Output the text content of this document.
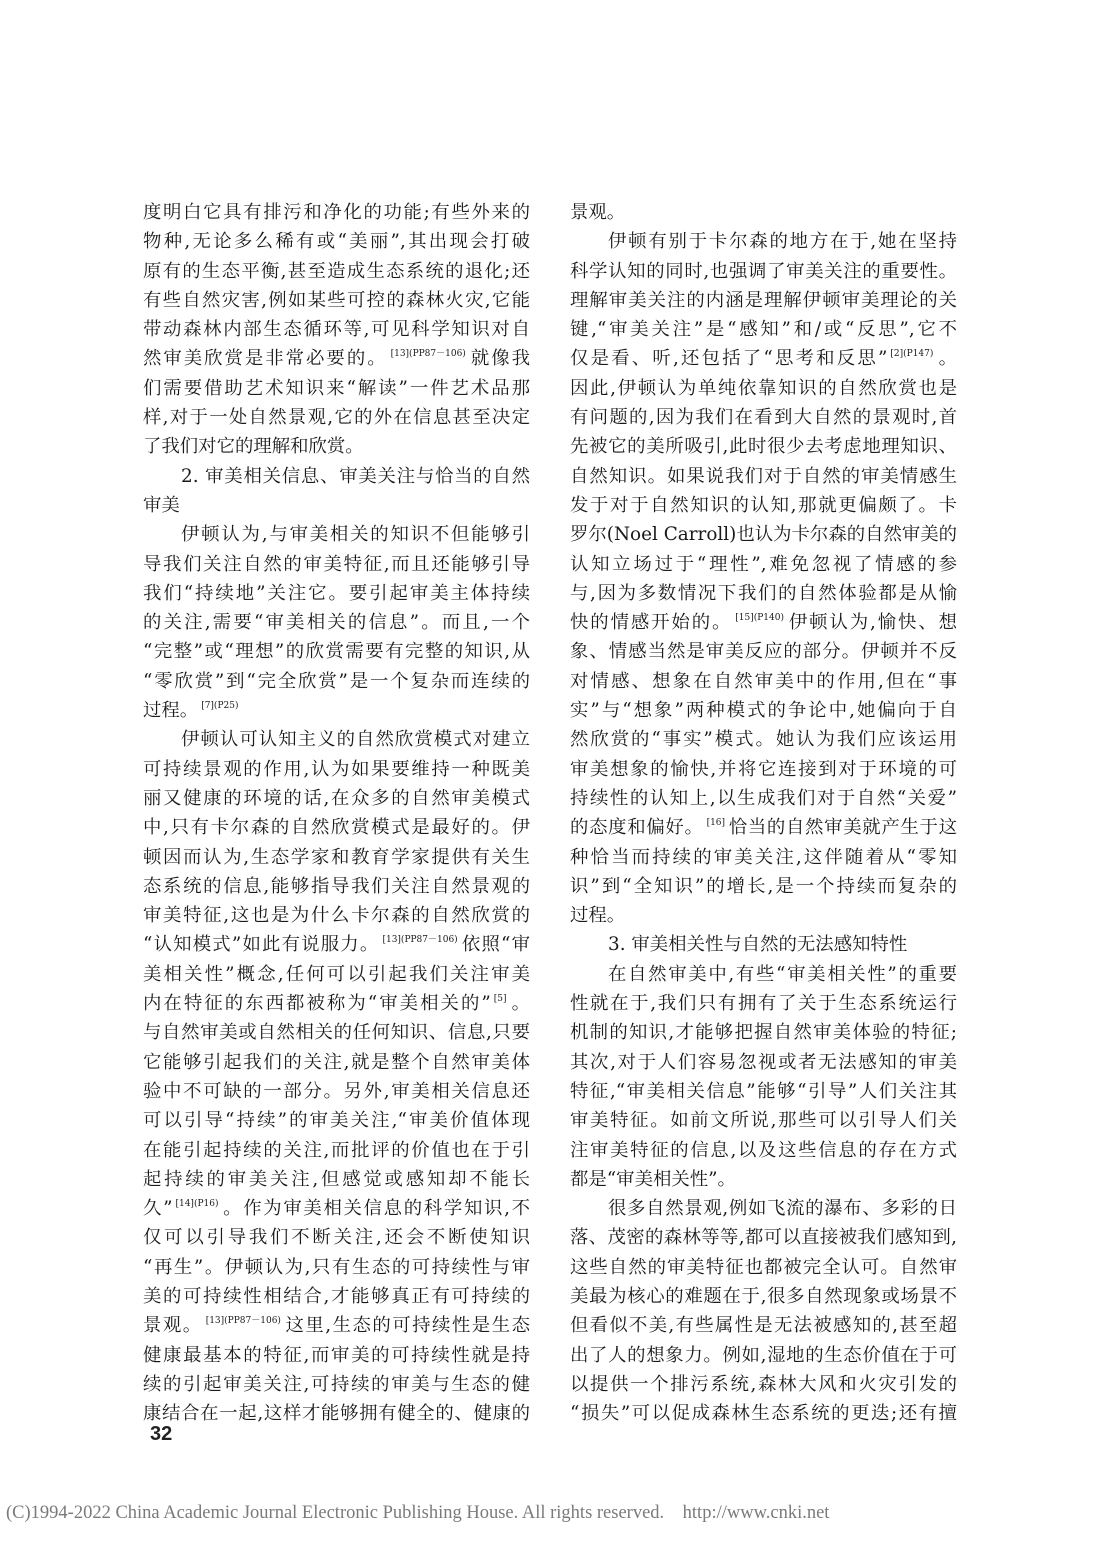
度明白它具有排污和净化的功能;有些外来的
物种,无论多么稀有或“美丽”,其出现会打破
原有的生态平衡,甚至造成生态系统的退化;还
有些自然灾害,例如某些可控的森林火灾,它能
带动森林内部生态循环等,可见科学知识对自
然审美欣赏是非常必要的。 $^{[13](PP87-106)}$ 就像我
们需要借助艺术知识来“解读”一件艺术品那
样,对于一处自然景观,它的外在信息甚至决定
了我们对它的理解和欣赏。
2. 审美相关信息、审美关注与恰当的自然
审美
伊顿认为,与审美相关的知识不但能够引
导我们关注自然的审美特征,而且还能够引导
我们“持续地”关注它。要引起审美主体持续
的关注,需要“审美相关的信息”。而且,一个
“完整”或“理想”的欣赏需要有完整的知识,从
“零欣赏”到“完全欣赏”是一个复杂而连续的
过程。 $^{[7](P25)}$
伊顿认可认知主义的自然欣赏模式对建立
可持续景观的作用,认为如果要维持一种既美
丽又健康的环境的话,在众多的自然审美模式
中,只有卡尔森的自然欣赏模式是最好的。伊
顿因而认为,生态学家和教育学家提供有关生
态系统的信息,能够指导我们关注自然景观的
审美特征,这也是为什么卡尔森的自然欣赏的
“认知模式”如此有说服力。 $^{[13](PP87-106)}$ 依照“审
美相关性”概念,任何可以引起我们关注审美
内在特征的东西都被称为“审美相关的” [5] 。
与自然审美或自然相关的任何知识、信息,只要
它能够引起我们的关注,就是整个自然审美体
验中不可缺的一部分。另外,审美相关信息还
可以引导“持续”的审美关注,“审美价值体现
在能引起持续的关注,而批评的价值也在于引
起持续的审美关注,但感觉或感知却不能长
久” $^{[14](P16)}$ 。作为审美相关信息的科学知识,不
仅可以引导我们不断关注,还会不断使知识
“再生”。伊顿认为,只有生态的可持续性与审
美的可持续性相结合,才能够真正有可持续的
景观。 $^{[13](PP87-106)}$ 这里,生态的可持续性是生态
健康最基本的特征,而审美的可持续性就是持
续的引起审美关注,可持续的审美与生态的健
康结合在一起,这样才能够拥有健全的、健康的
景观。
伊顿有别于卡尔森的地方在于,她在坚持
科学认知的同时,也强调了审美关注的重要性。
理解审美关注的内涵是理解伊顿审美理论的关
键,“审美关注”是“感知”和/或“反思”,它不
仅是看、听,还包括了“思考和反思” $^{[2](P147)}$ 。
因此,伊顿认为单纯依靠知识的自然欣赏也是
有问题的,因为我们在看到大自然的景观时,首
先被它的美所吸引,此时很少去考虑地理知识、
自然知识。如果说我们对于自然的审美情感生
发于对于自然知识的认知,那就更偏颇了。卡
罗尔(Noel Carroll)也认为卡尔森的自然审美的
认知立场过于“理性”,难免忽视了情感的参
与,因为多数情况下我们的自然体验都是从愉
快的情感开始的。 $^{[15](P140)}$ 伊顿认为,愉快、想
象、情感当然是审美反应的部分。伊顿并不反
对情感、想象在自然审美中的作用,但在“事
实”与“想象”两种模式的争论中,她偏向于自
然欣赏的“事实”模式。她认为我们应该运用
审美想象的愉快,并将它连接到对于环境的可
持续性的认知上,以生成我们对于自然“关爱”
的态度和偏好。 [16] 恰当的自然审美就产生于这
种恰当而持续的审美关注,这伴随着从“零知
识”到“全知识”的增长,是一个持续而复杂的
过程。
3. 审美相关性与自然的无法感知特性
在自然审美中,有些“审美相关性”的重要
性就在于,我们只有拥有了关于生态系统运行
机制的知识,才能够把握自然审美体验的特征;
其次,对于人们容易忽视或者无法感知的审美
特征,“审美相关信息”能够“引导”人们关注其
审美特征。如前文所说,那些可以引导人们关
注审美特征的信息,以及这些信息的存在方式
都是“审美相关性”。
很多自然景观,例如飞流的瀑布、多彩的日
落、茂密的森林等等,都可以直接被我们感知到,
这些自然的审美特征也都被完全认可。自然审
美最为核心的难题在于,很多自然现象或场景不
但看似不美,有些属性是无法被感知的,甚至超
出了人的想象力。例如,湿地的生态价值在于可
以提供一个排污系统,森林大风和火灾引发的
“损失”可以促成森林生态系统的更迭;还有擅
32
(C)1994-2022 China Academic Journal Electronic Publishing House. All rights reserved.    http://www.cnki.net
